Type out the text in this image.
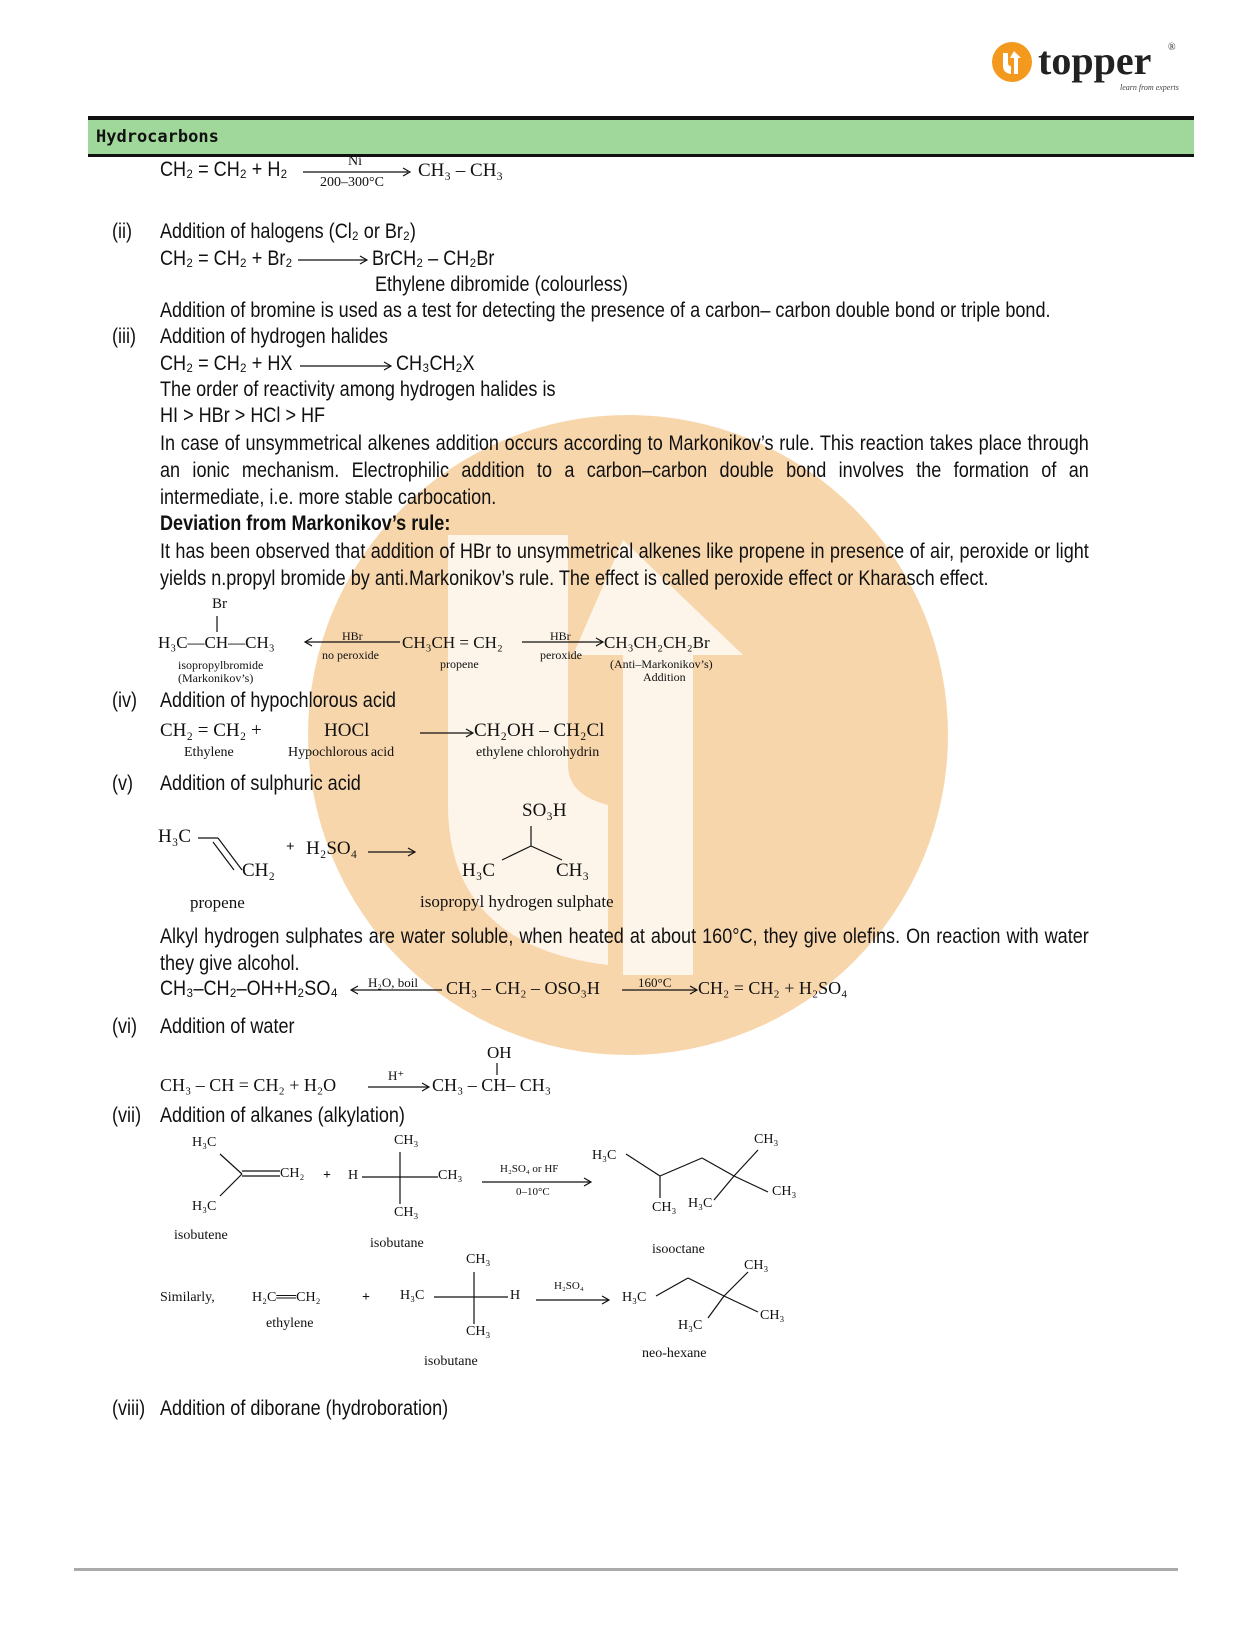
topper ®
learn from experts
Hydrocarbons
CH₂ = CH₂ + H₂	Ni
200–300°C
CH₃ – CH₃
(ii) Addition of halogens (Cl₂ or Br₂)
CH₂ = CH₂ + Br₂	BrCH₂ – CH₂Br
Ethylene dibromide (colourless)
Addition of bromine is used as a test for detecting the presence of a carbon– carbon double bond or triple bond.
(iii) Addition of hydrogen halides
CH₂ = CH₂ + HX	CH₃CH₂X
The order of reactivity among hydrogen halides is
HI > HBr > HCl > HF
In case of unsymmetrical alkenes addition occurs according to Markonikov’s rule. This reaction takes place through an ionic mechanism. Electrophilic addition to a carbon–carbon double bond involves the formation of an intermediate, i.e. more stable carbocation.
Deviation from Markonikov’s rule:
It has been observed that addition of HBr to unsymmetrical alkenes like propene in presence of air, peroxide or light yields n.propyl bromide by anti.Markonikov’s rule. The effect is called peroxide effect or Kharasch effect.
Br
H₃C—CH—CH₃
isopropylbromide
(Markonikov’s)
HBr
no peroxide
CH₃CH = CH₂
propene
HBr
peroxide
CH₃CH₂CH₂Br
(Anti–Markonikov’s)
Addition
(iv) Addition of hypochlorous acid
CH₂ = CH₂ +
Ethylene
HOCl
Hypochlorous acid
CH₂OH – CH₂Cl
ethylene chlorohydrin
(v) Addition of sulphuric acid
H₃C
CH₂
+ H₂SO₄
propene
SO₃H
H₃C	CH₃
isopropyl hydrogen sulphate
Alkyl hydrogen sulphates are water soluble, when heated at about 160°C, they give olefins. On reaction with water they give alcohol.
CH₃–CH₂–OH+H₂SO₄ H₂O, boil CH₃ – CH₂ – OSO₃H	160°C CH₂ = CH₂ + H₂SO₄
(vi) Addition of water
OH
CH₃ – CH = CH₂ + H₂O	H⁺ CH₃ – CH– CH₃
(vii) Addition of alkanes (alkylation)
H₃C
H₃C
CH₂
isobutene
+ H
CH₃
CH₃
CH₃
isobutane
H₂SO₄ or HF
0–10°C
H₃C
CH₃
CH₃
CH₃ H₃C
isooctane
Similarly,	H₂C══CH₂
ethylene
+ H₃C
CH₃
H
CH₃
isobutane
H₂SO₄
H₃C
CH₃
CH₃
H₃C
neo-hexane
(viii) Addition of diborane (hydroboration)
